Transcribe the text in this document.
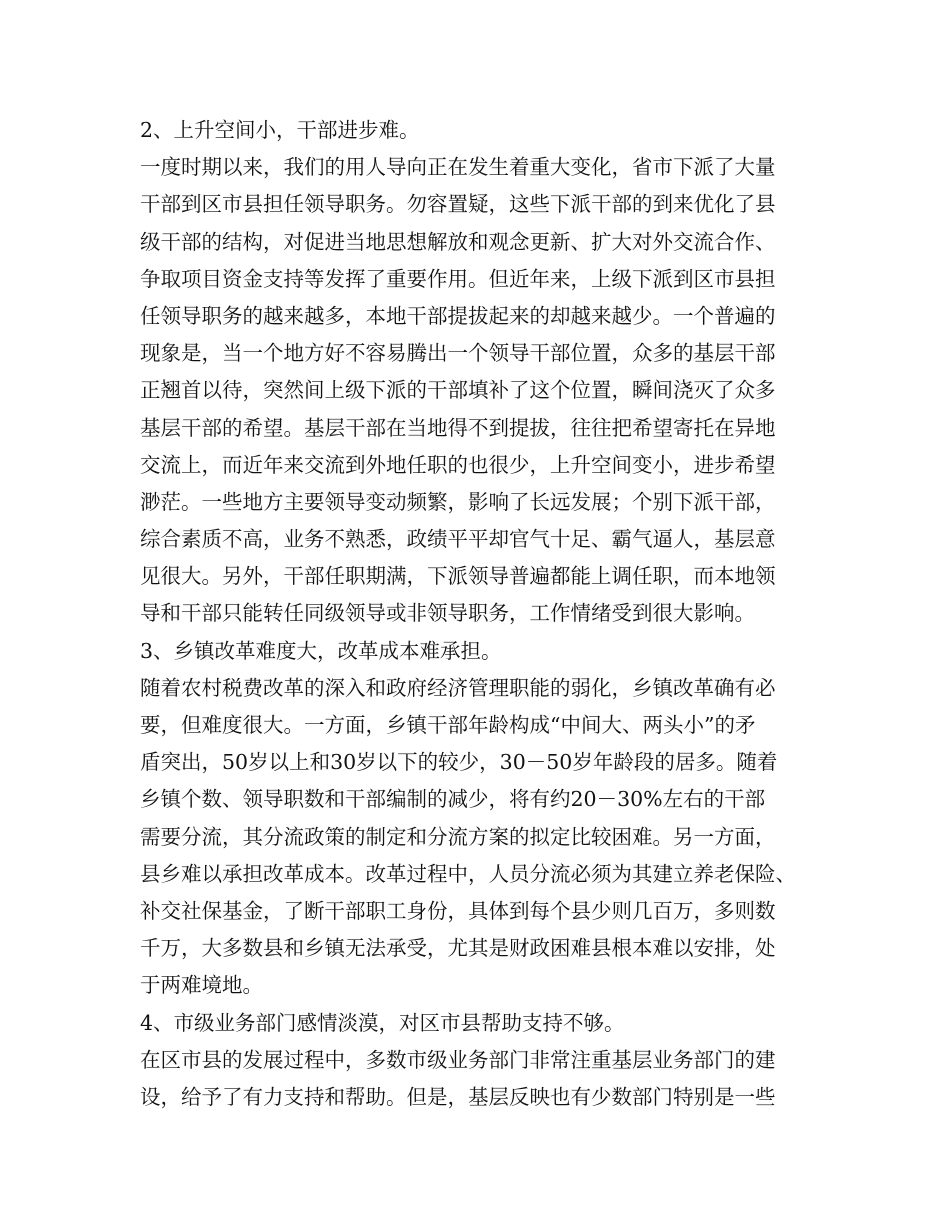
2、上升空间小，干部进步难。
一度时期以来，我们的用人导向正在发生着重大变化，省市下派了大量
干部到区市县担任领导职务。勿容置疑，这些下派干部的到来优化了县
级干部的结构，对促进当地思想解放和观念更新、扩大对外交流合作、
争取项目资金支持等发挥了重要作用。但近年来，上级下派到区市县担
任领导职务的越来越多，本地干部提拔起来的却越来越少。一个普遍的
现象是，当一个地方好不容易腾出一个领导干部位置，众多的基层干部
正翘首以待，突然间上级下派的干部填补了这个位置，瞬间浇灭了众多
基层干部的希望。基层干部在当地得不到提拔，往往把希望寄托在异地
交流上，而近年来交流到外地任职的也很少，上升空间变小，进步希望
渺茫。一些地方主要领导变动频繁，影响了长远发展；个别下派干部，
综合素质不高，业务不熟悉，政绩平平却官气十足、霸气逼人，基层意
见很大。另外，干部任职期满，下派领导普遍都能上调任职，而本地领
导和干部只能转任同级领导或非领导职务，工作情绪受到很大影响。
3、乡镇改革难度大，改革成本难承担。
随着农村税费改革的深入和政府经济管理职能的弱化，乡镇改革确有必
要，但难度很大。一方面，乡镇干部年龄构成“中间大、两头小”的矛
盾突出，50岁以上和30岁以下的较少，30－50岁年龄段的居多。随着
乡镇个数、领导职数和干部编制的减少，将有约20－30%左右的干部
需要分流，其分流政策的制定和分流方案的拟定比较困难。另一方面，
县乡难以承担改革成本。改革过程中，人员分流必须为其建立养老保险、
补交社保基金，了断干部职工身份，具体到每个县少则几百万，多则数
千万，大多数县和乡镇无法承受，尤其是财政困难县根本难以安排，处
于两难境地。
4、市级业务部门感情淡漠，对区市县帮助支持不够。
在区市县的发展过程中，多数市级业务部门非常注重基层业务部门的建
设，给予了有力支持和帮助。但是，基层反映也有少数部门特别是一些
